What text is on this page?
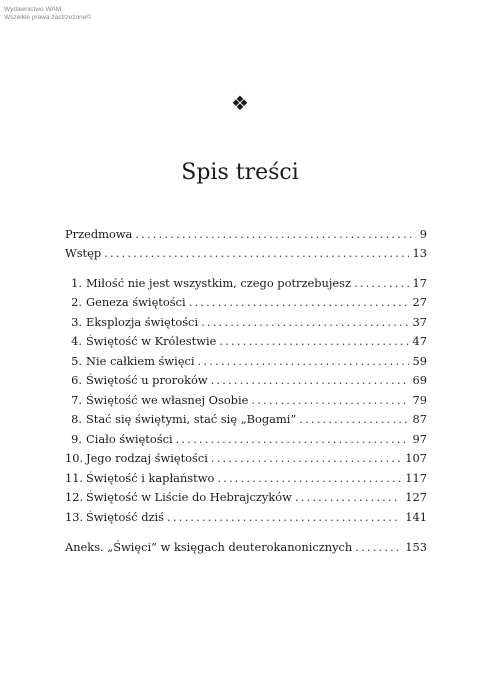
Wydawnictwo WAM
Wszelkie prawa zastrzeżone©
❖
Spis treści
Przedmowa .....	9
Wstęp .....	13
1. Miłość nie jest wszystkim, czego potrzebujesz .....	17
2. Geneza świętości .....	27
3. Eksplozja świętości .....	37
4. Świętość w Królestwie .....	47
5. Nie całkiem święci .....	59
6. Świętość u proroków .....	69
7. Świętość we własnej Osobie .....	79
8. Stać się świętymi, stać się „Bogami” .....	87
9. Ciało świętości .....	97
10. Jego rodzaj świętości .....	107
11. Świętość i kapłaństwo .....	117
12. Świętość w Liście do Hebrajczyków .....	127
13. Świętość dziś .....	141
Aneks. „Święci” w księgach deuterokanonicznych .....	153
